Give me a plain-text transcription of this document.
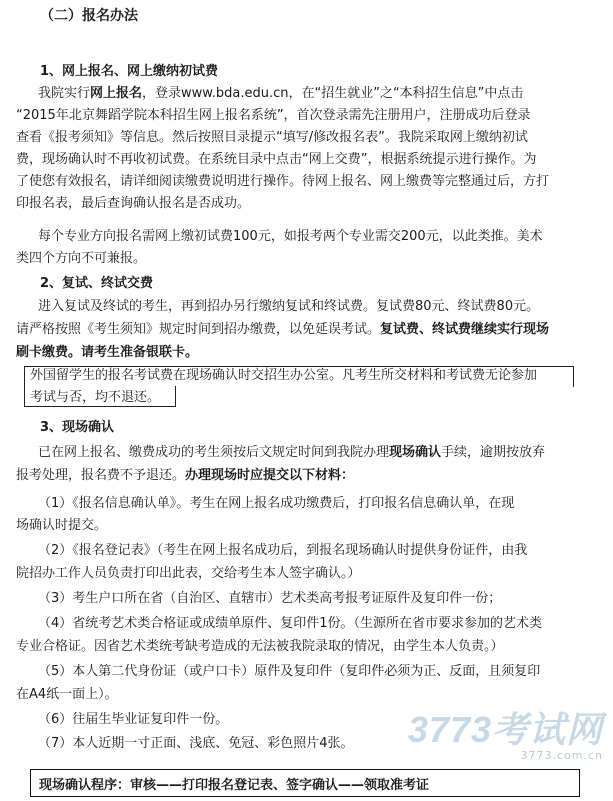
（二）报名办法
1、网上报名、网上缴纳初试费
我院实行网上报名，登录www.bda.edu.cn，在“招生就业”之“本科招生信息”中点击
“2015年北京舞蹈学院本科招生网上报名系统”，首次登录需先注册用户，注册成功后登录
查看《报考须知》等信息。然后按照目录提示“填写/修改报名表”。我院采取网上缴纳初试
费，现场确认时不再收初试费。在系统目录中点击“网上交费”，根据系统提示进行操作。为
了使您有效报名，请详细阅读缴费说明进行操作。待网上报名、网上缴费等完整通过后，方打
印报名表，最后查询确认报名是否成功。
每个专业方向报名需网上缴初试费100元，如报考两个专业需交200元，以此类推。美术
类四个方向不可兼报。
2、复试、终试交费
进入复试及终试的考生，再到招办另行缴纳复试和终试费。复试费80元、终试费80元。
请严格按照《考生须知》规定时间到招办缴费，以免延误考试。复试费、终试费继续实行现场
刷卡缴费。请考生准备银联卡。
外国留学生的报名考试费在现场确认时交招生办公室。凡考生所交材料和考试费无论参加
考试与否，均不退还。
3、现场确认
已在网上报名、缴费成功的考生须按后文规定时间到我院办理现场确认手续，逾期按放弃
报考处理，报名费不予退还。办理现场时应提交以下材料：
（1）《报名信息确认单》。考生在网上报名成功缴费后，打印报名信息确认单，在现
场确认时提交。
（2）《报名登记表》（考生在网上报名成功后，到报名现场确认时提供身份证件，由我
院招办工作人员负责打印出此表，交给考生本人签字确认。）
（3）考生户口所在省（自治区、直辖市）艺术类高考报考证原件及复印件一份；
（4）省统考艺术类合格证或成绩单原件、复印件1份。（生源所在省市要求参加的艺术类
专业合格证。因省艺术类统考缺考造成的无法被我院录取的情况，由学生本人负责。）
（5）本人第二代身份证（或户口卡）原件及复印件（复印件必须为正、反面，且须复印
在A4纸一面上）。
（6）往届生毕业证复印件一份。
（7）本人近期一寸正面、浅底、免冠、彩色照片4张。 3773考试网
3773.com.cn
现场确认程序：审核——打印报名登记表、签字确认——领取准考证
